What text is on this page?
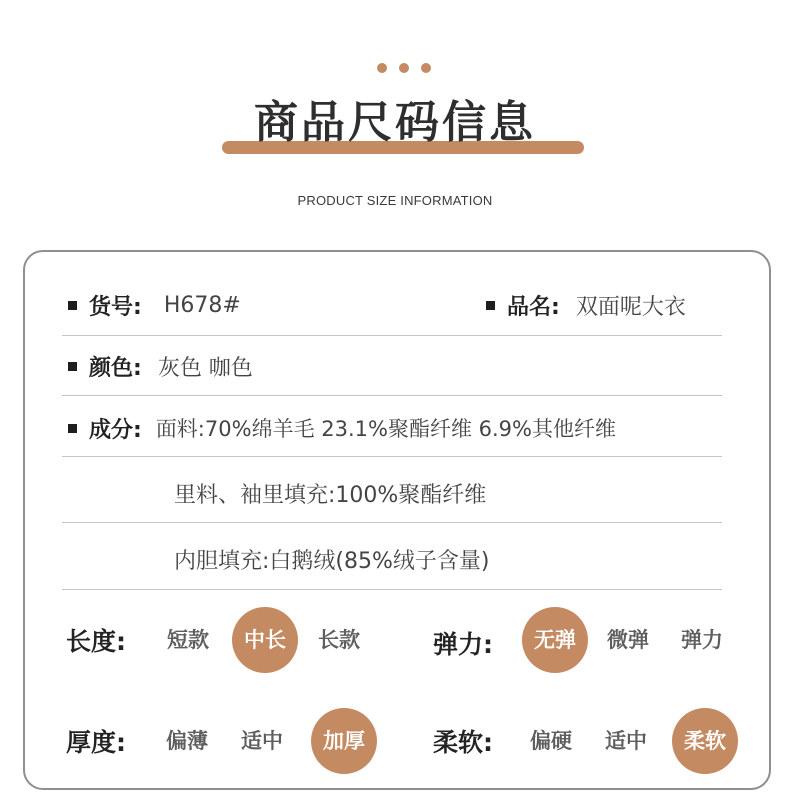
商品尺码信息
PRODUCT SIZE INFORMATION
货号: H678#	品名: 双面呢大衣
颜色: 灰色 咖色
成分: 面料:70%绵羊毛 23.1%聚酯纤维 6.9%其他纤维
里料、袖里填充:100%聚酯纤维
内胆填充:白鹅绒(85%绒子含量)
长度: 短款	中长	长款	弹力:	无弹	微弹 弹力
厚度: 偏薄 适中	加厚	柔软: 偏硬 适中	柔软
